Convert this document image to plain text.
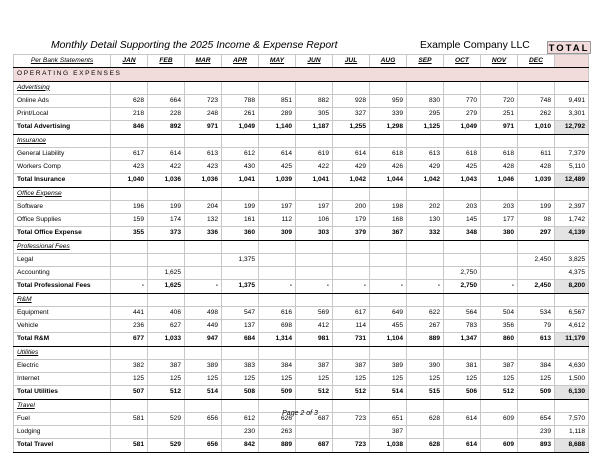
Monthly Detail Supporting the 2025 Income & Expense Report	Example Company LLC TOTAL
Per Bank Statements	JAN	FEB	MAR	APR	MAY	JUN	JUL	AUG	SEP	OCT	NOV	DEC	
OPERATING EXPENSES													
Advertising													
Online Ads	628	664	723	788	851	882	928	959	830	770	720	748	9,491
Print/Local	218	228	248	261	289	305	327	339	295	279	251	262	3,301
Total Advertising	846	892	971	1,049	1,140	1,187	1,255	1,298	1,125	1,049	971	1,010	12,792
Insurance													
General Liability	617	614	613	612	614	619	614	618	613	618	618	611	7,379
Workers Comp	423	422	423	430	425	422	429	426	429	425	428	428	5,110
Total Insurance	1,040	1,036	1,036	1,041	1,039	1,041	1,042	1,044	1,042	1,043	1,046	1,039	12,489
Office Expense													
Software	196	199	204	199	197	197	200	198	202	203	203	199	2,397
Office Supplies	159	174	132	161	112	106	179	168	130	145	177	98	1,742
Total Office Expense	355	373	336	360	309	303	379	367	332	348	380	297	4,139
Professional Fees													
Legal				1,375								2,450	3,825
Accounting		1,625								2,750			4,375
Total Professional Fees	-	1,625	-	1,375	-	-	-	-	-	2,750	-	2,450	8,200
R&M													
Equipment	441	406	498	547	616	569	617	649	622	564	504	534	6,567
Vehicle	236	627	449	137	698	412	114	455	267	783	356	79	4,612
Total R&M	677	1,033	947	684	1,314	981	731	1,104	889	1,347	860	613	11,179
Utilities													
Electric	382	387	389	383	384	387	387	389	390	381	387	384	4,630
Internet	125	125	125	125	125	125	125	125	125	125	125	125	1,500
Total Utilities	507	512	514	508	509	512	512	514	515	506	512	509	6,130
Travel													
Fuel	581	529	656	612	626	687	723	651	628	614	609	654	7,570
Lodging				230	263			387				239	1,118
Total Travel	581	529	656	842	889	687	723	1,038	628	614	609	893	8,688
Page 2 of 3
